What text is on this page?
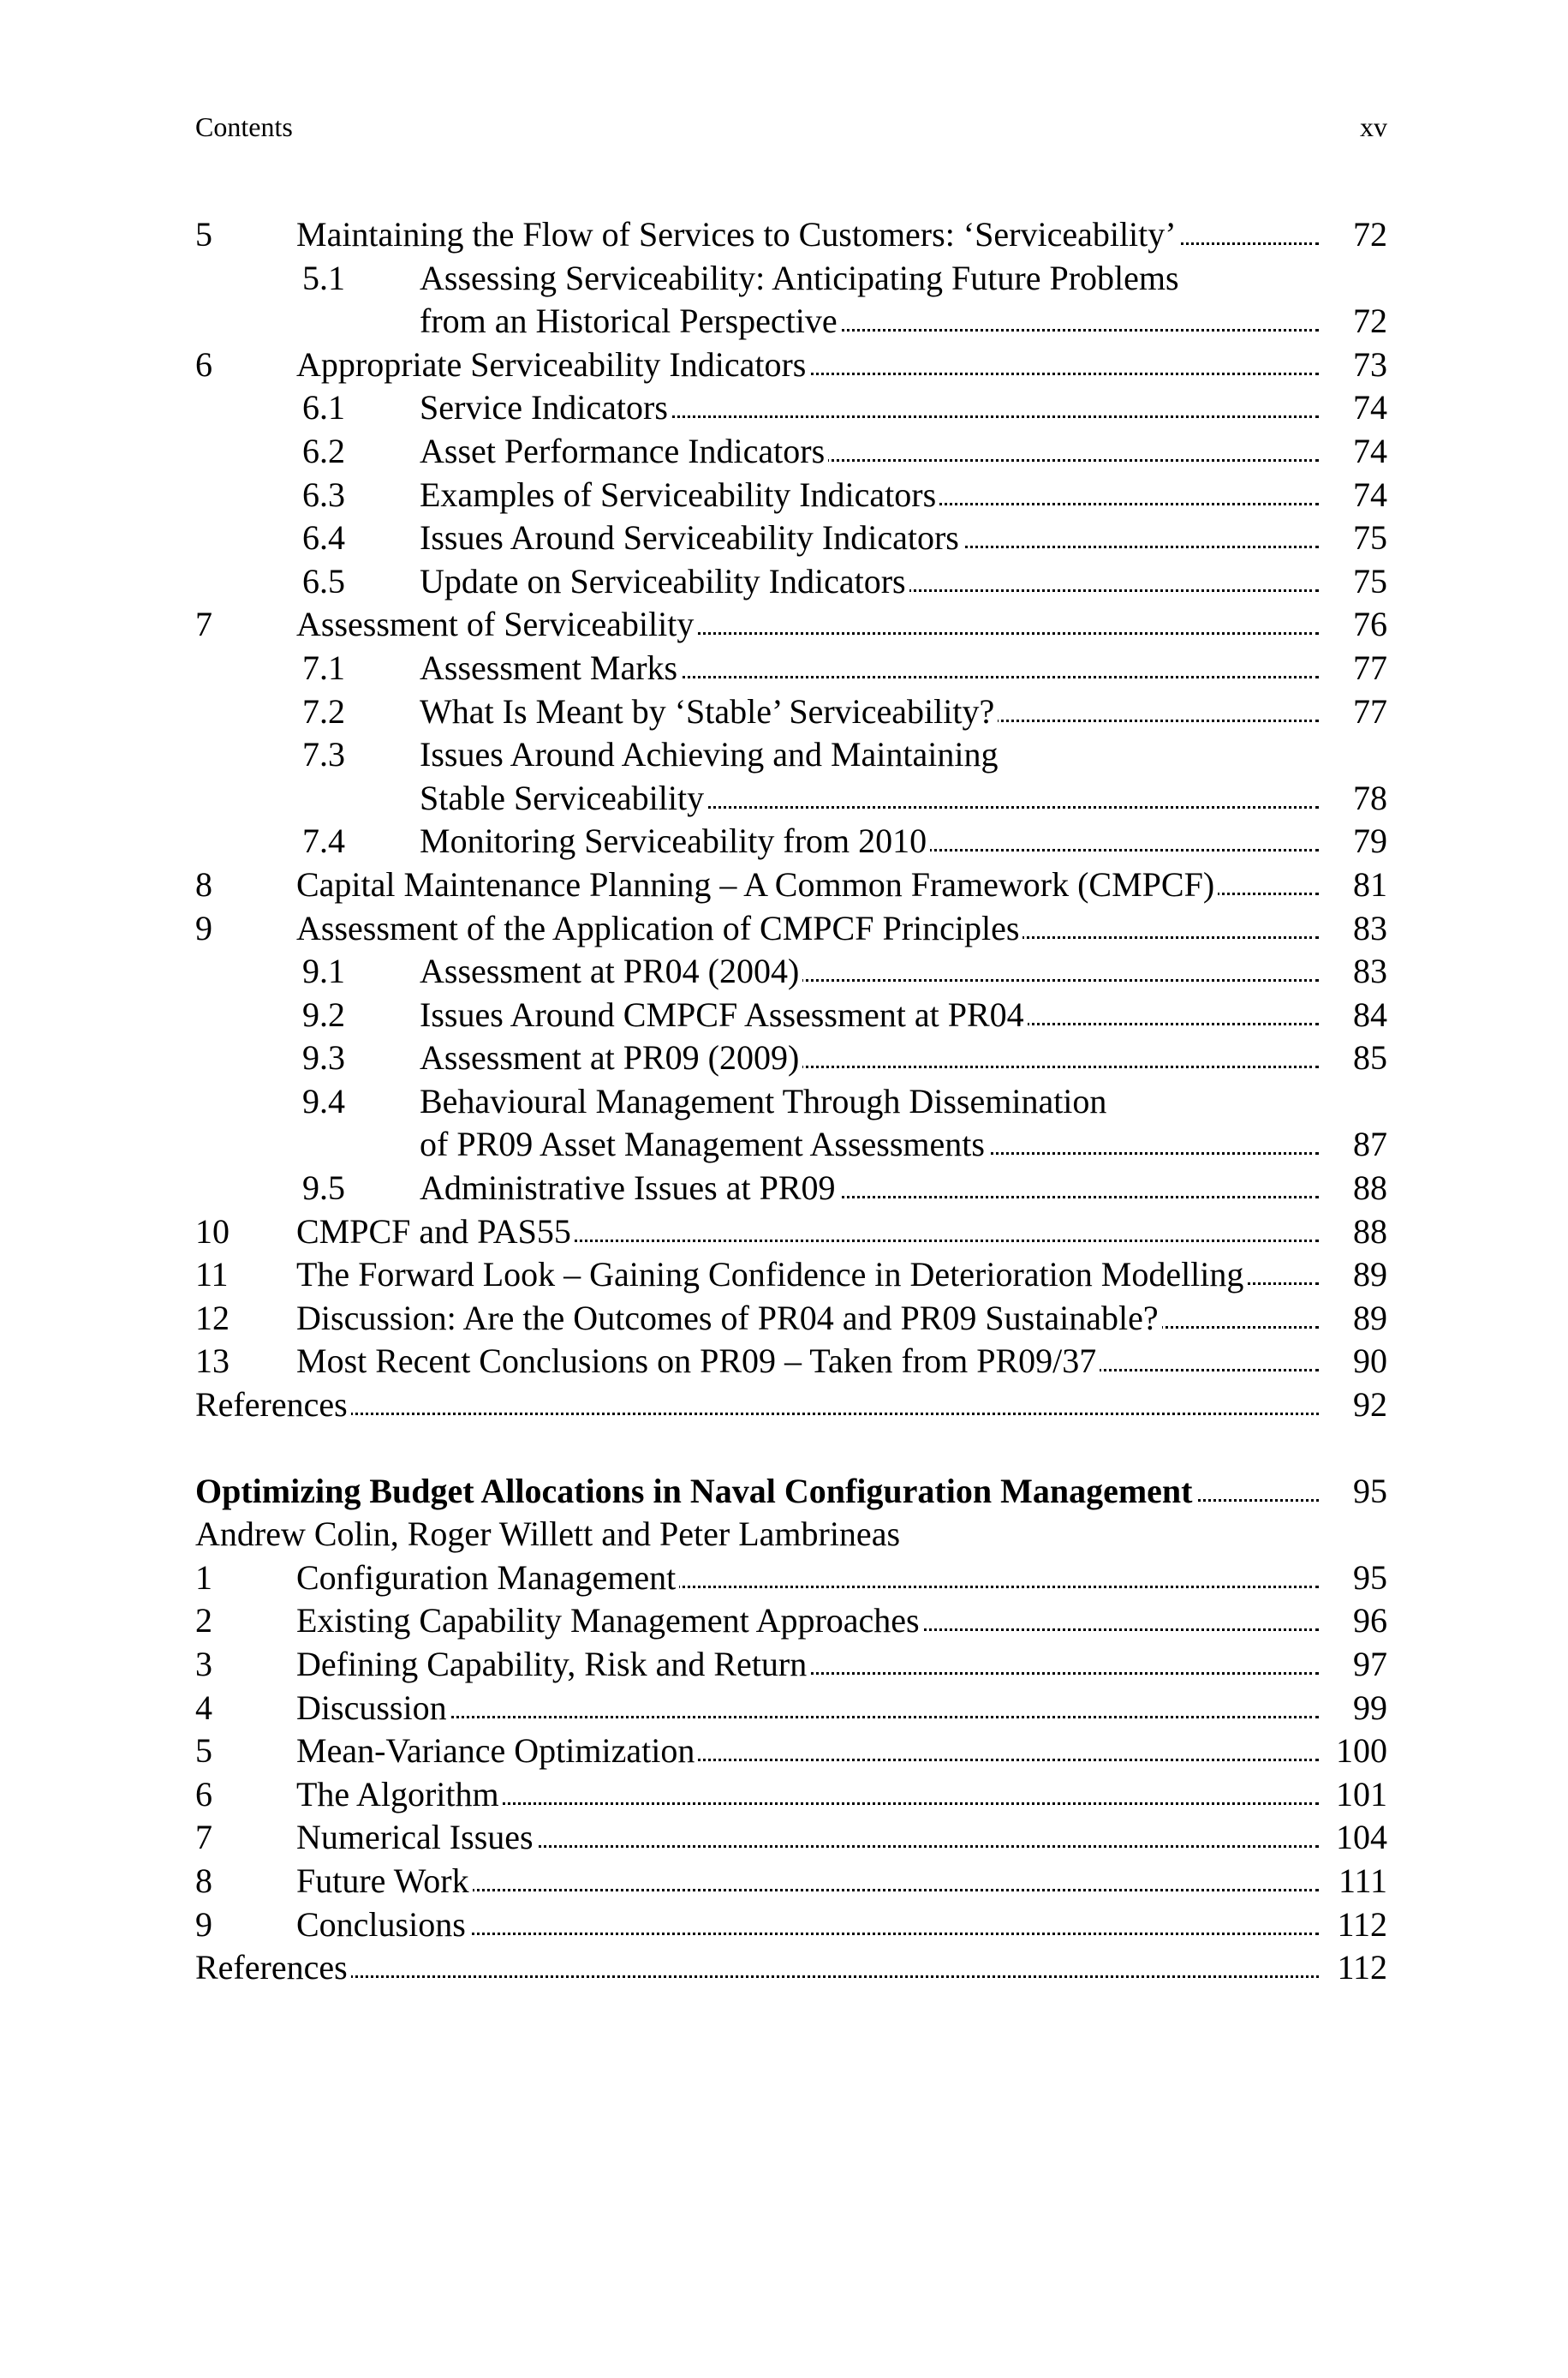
Contents	xv
5 Maintaining the Flow of Services to Customers: ‘Serviceability’	72
5.1 Assessing Serviceability: Anticipating Future Problems
from an Historical Perspective	72
6 Appropriate Serviceability Indicators	73
6.1 Service Indicators	74
6.2 Asset Performance Indicators	74
6.3 Examples of Serviceability Indicators	74
6.4 Issues Around Serviceability Indicators	75
6.5 Update on Serviceability Indicators	75
7 Assessment of Serviceability	76
7.1 Assessment Marks	77
7.2 What Is Meant by ‘Stable’ Serviceability?	77
7.3 Issues Around Achieving and Maintaining
Stable Serviceability	78
7.4 Monitoring Serviceability from 2010	79
8 Capital Maintenance Planning – A Common Framework (CMPCF)	81
9 Assessment of the Application of CMPCF Principles	83
9.1 Assessment at PR04 (2004)	83
9.2 Issues Around CMPCF Assessment at PR04	84
9.3 Assessment at PR09 (2009)	85
9.4 Behavioural Management Through Dissemination
of PR09 Asset Management Assessments	87
9.5 Administrative Issues at PR09	88
10 CMPCF and PAS55	88
11 The Forward Look – Gaining Confidence in Deterioration Modelling	89
12 Discussion: Are the Outcomes of PR04 and PR09 Sustainable?	89
13 Most Recent Conclusions on PR09 – Taken from PR09/37	90
References	92
Optimizing Budget Allocations in Naval Configuration Management	95
Andrew Colin, Roger Willett and Peter Lambrineas
1 Configuration Management	95
2 Existing Capability Management Approaches	96
3 Defining Capability, Risk and Return	97
4 Discussion	99
5 Mean-Variance Optimization	100
6 The Algorithm	101
7 Numerical Issues	104
8 Future Work	111
9 Conclusions	112
References	112
